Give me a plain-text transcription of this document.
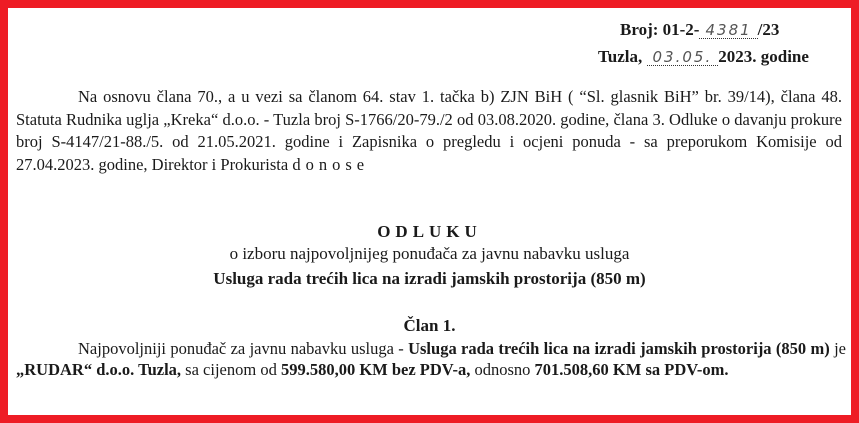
Broj: 01-2- 4381 /23
Tuzla, 03.05. 2023. godine

Na osnovu člana 70., a u vezi sa članom 64. stav 1. tačka b) ZJN BiH ( “Sl. glasnik BiH” br. 39/14), člana 48. Statuta Rudnika uglja „Kreka“ d.o.o. - Tuzla broj S-1766/20-79./2 od 03.08.2020. godine, člana 3. Odluke o davanju prokure broj S-4147/21-88./5. od 21.05.2021. godine i Zapisnika o pregledu i ocjeni ponuda - sa preporukom Komisije od 27.04.2023. godine, Direktor i Prokurista donose

ODLUKU
o izboru najpovoljnijeg ponuđača za javnu nabavku usluga
Usluga rada trećih lica na izradi jamskih prostorija (850 m)
Član 1.

Najpovoljniji ponuđač za javnu nabavku usluga - Usluga rada trećih lica na izradi jamskih prostorija (850 m) je „RUDAR“ d.o.o. Tuzla, sa cijenom od 599.580,00 KM bez PDV-a, odnosno 701.508,60 KM sa PDV-om.
